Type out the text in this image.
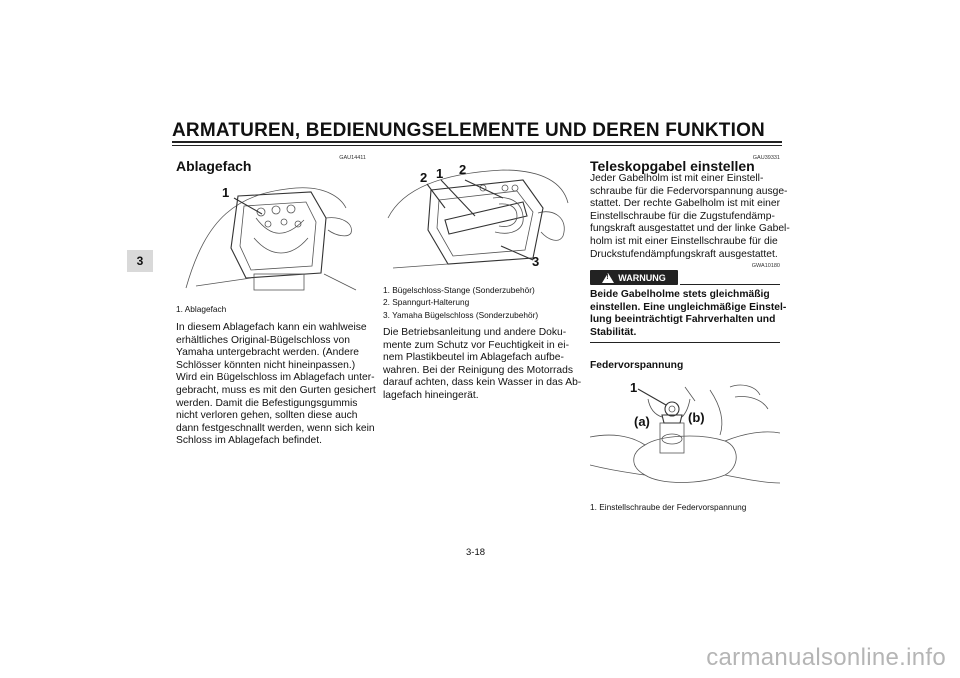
ARMATUREN, BEDIENUNGSELEMENTE UND DEREN FUNKTION
3
GAU14411
Ablagefach
1
1. Ablagefach
In diesem Ablagefach kann ein wahlweise
erhältliches Original-Bügelschloss von
Yamaha untergebracht werden. (Andere
Schlösser könnten nicht hineinpassen.)
Wird ein Bügelschloss im Ablagefach unter-
gebracht, muss es mit den Gurten gesichert
werden. Damit die Befestigungsgummis
nicht verloren gehen, sollten diese auch
dann festgeschnallt werden, wenn sich kein
Schloss im Ablagefach befindet.
2 1 2
3
1. Bügelschloss-Stange (Sonderzubehör)
2. Spanngurt-Halterung
3. Yamaha Bügelschloss (Sonderzubehör)
Die Betriebsanleitung und andere Doku-
mente zum Schutz vor Feuchtigkeit in ei-
nem Plastikbeutel im Ablagefach aufbe-
wahren. Bei der Reinigung des Motorrads
darauf achten, dass kein Wasser in das Ab-
lagefach hineingerät.
GAU39331
Teleskopgabel einstellen
Jeder Gabelholm ist mit einer Einstell-
schraube für die Federvorspannung ausge-
stattet. Der rechte Gabelholm ist mit einer
Einstellschraube für die Zugstufendämp-
fungskraft ausgestattet und der linke Gabel-
holm ist mit einer Einstellschraube für die
Druckstufendämpfungskraft ausgestattet.
GWA10180
! WARNUNG
Beide Gabelholme stets gleichmäßig
einstellen. Eine ungleichmäßige Einstel-
lung beeinträchtigt Fahrverhalten und
Stabilität.
Federvorspannung
1
(a)	(b)
1. Einstellschraube der Federvorspannung
3-18
carmanualsonline.info
